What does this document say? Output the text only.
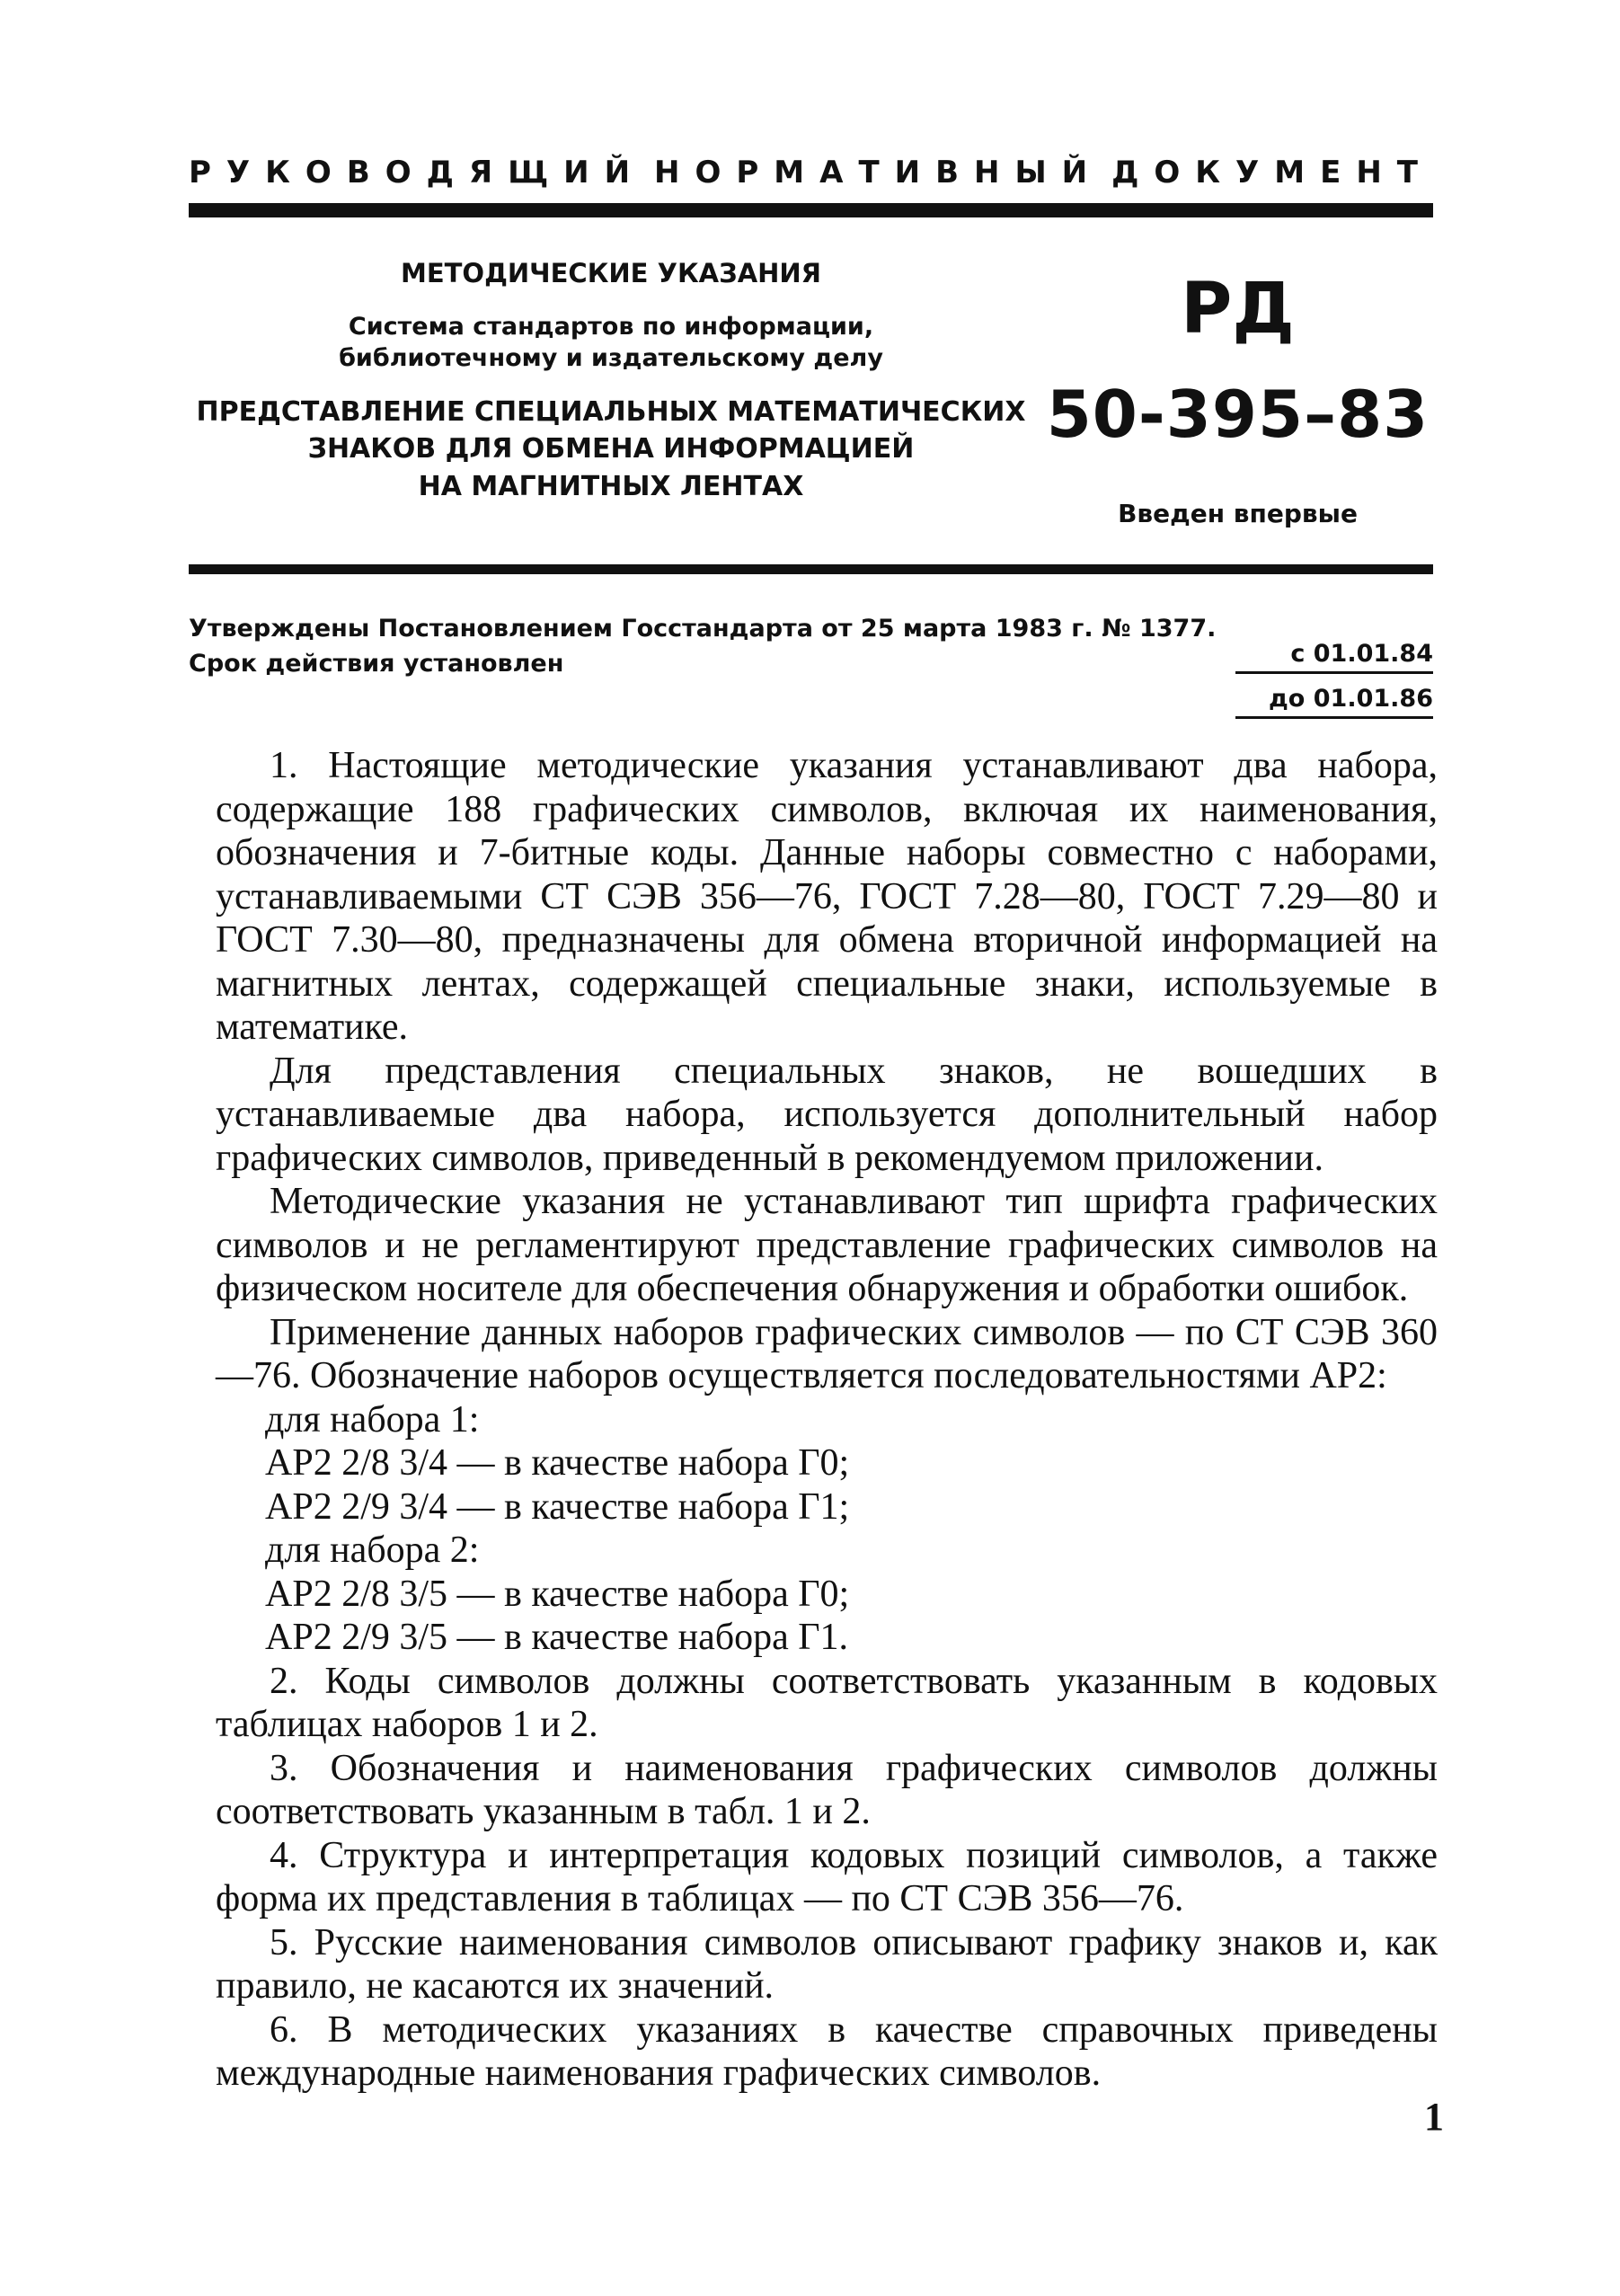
РУКОВОДЯЩИЙ НОРМАТИВНЫЙ ДОКУМЕНТ
МЕТОДИЧЕСКИЕ УКАЗАНИЯ
Система стандартов по информации,
библиотечному и издательскому делу
ПРЕДСТАВЛЕНИЕ СПЕЦИАЛЬНЫХ МАТЕМАТИЧЕСКИХ
ЗНАКОВ ДЛЯ ОБМЕНА ИНФОРМАЦИЕЙ
НА МАГНИТНЫХ ЛЕНТАХ
РД
50-395–83
Введен впервые
Утверждены Постановлением Госстандарта от 25 марта 1983 г. № 1377.
Срок действия установлен	с 01.01.84
до 01.01.86

1. Настоящие методические указания устанавливают два набора, содержащие 188 графических символов, включая их наименования, обозначения и 7-битные коды. Данные наборы совместно с наборами, устанавливаемыми СТ СЭВ 356—76, ГОСТ 7.28—80, ГОСТ 7.29—80 и ГОСТ 7.30—80, предназначены для обмена вторичной информацией на магнитных лентах, содержащей специальные знаки, используемые в математике.

Для представления специальных знаков, не вошедших в устанавливаемые два набора, используется дополнительный набор графических символов, приведенный в рекомендуемом приложении.

Методические указания не устанавливают тип шрифта графических символов и не регламентируют представление графических символов на физическом носителе для обеспечения обнаружения и обработки ошибок.

Применение данных наборов графических символов — по СТ СЭВ 360—76. Обозначение наборов осуществляется последовательностями АР2:

для набора 1:

АР2 2/8 3/4 — в качестве набора Г0;

АР2 2/9 3/4 — в качестве набора Г1;

для набора 2:

АР2 2/8 3/5 — в качестве набора Г0;

АР2 2/9 3/5 — в качестве набора Г1.

2. Коды символов должны соответствовать указанным в кодовых таблицах наборов 1 и 2.

3. Обозначения и наименования графических символов должны соответствовать указанным в табл. 1 и 2.

4. Структура и интерпретация кодовых позиций символов, а также форма их представления в таблицах — по СТ СЭВ 356—76.

5. Русские наименования символов описывают графику знаков и, как правило, не касаются их значений.

6. В методических указаниях в качестве справочных приведены международные наименования графических символов.

1
